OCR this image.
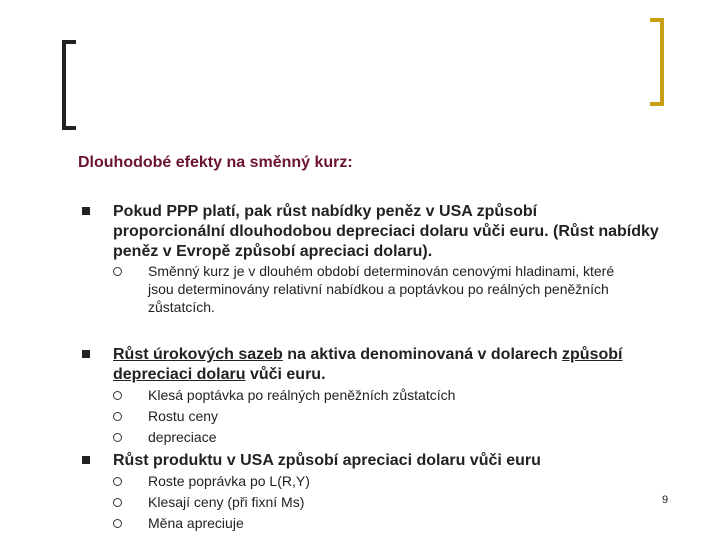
Dlouhodobé efekty na směnný kurz:
Pokud PPP platí, pak růst nabídky peněz v USA způsobí
proporcionální dlouhodobou depreciaci dolaru vůči euru. (Růst nabídky
peněz v Evropě způsobí apreciaci dolaru).
Směnný kurz je v dlouhém období determinován cenovými hladinami, které
jsou determinovány relativní nabídkou a poptávkou po reálných peněžních
zůstatcích.
Růst úrokových sazeb na aktiva denominovaná v dolarech způsobí
depreciaci dolaru vůči euru.
Klesá poptávka po reálných peněžních zůstatcích
Rostu ceny
depreciace
Růst produktu v USA způsobí apreciaci dolaru vůči euru
Roste poprávka po L(R,Y)
Klesají ceny (při fixní Ms)
Měna apreciuje
9
